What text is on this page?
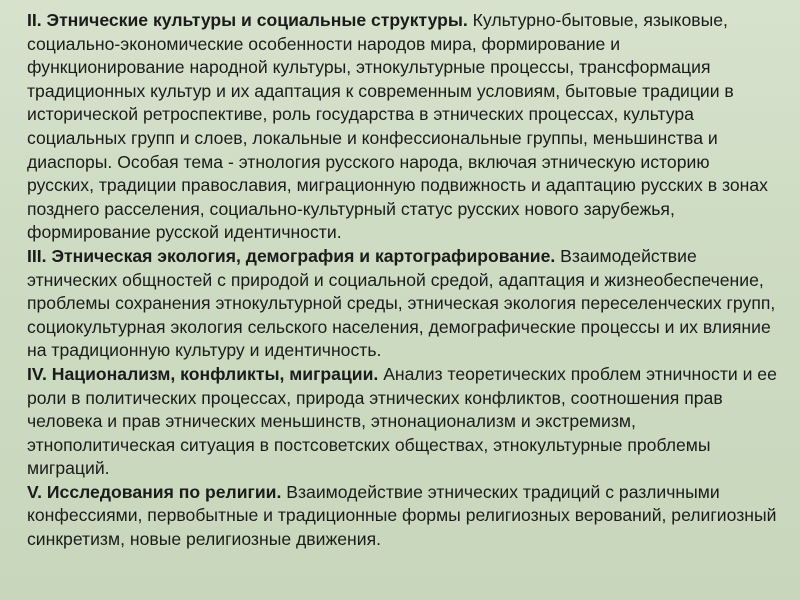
II. Этнические культуры и социальные структуры. Культурно-бытовые, языковые, социально-экономические особенности народов мира, формирование и функционирование народной культуры, этнокультурные процессы, трансформация традиционных культур и их адаптация к современным условиям, бытовые традиции в исторической ретроспективе, роль государства в этнических процессах, культура социальных групп и слоев, локальные и конфессиональные группы, меньшинства и диаспоры. Особая тема - этнология русского народа, включая этническую историю русских, традиции православия, миграционную подвижность и адаптацию русских в зонах позднего расселения, социально-культурный статус русских нового зарубежья, формирование русской идентичности.

III. Этническая экология, демография и картографирование. Взаимодействие этнических общностей с природой и социальной средой, адаптация и жизнеобеспечение, проблемы сохранения этнокультурной среды, этническая экология переселенческих групп, социокультурная экология сельского населения, демографические процессы и их влияние на традиционную культуру и идентичность.

IV. Национализм, конфликты, миграции. Анализ теоретических проблем этничности и ее роли в политических процессах, природа этнических конфликтов, соотношения прав человека и прав этнических меньшинств, этнонационализм и экстремизм, этнополитическая ситуация в постсоветских обществах, этнокультурные проблемы миграций.

V. Исследования по религии. Взаимодействие этнических традиций с различными конфессиями, первобытные и традиционные формы религиозных верований, религиозный синкретизм, новые религиозные движения.
